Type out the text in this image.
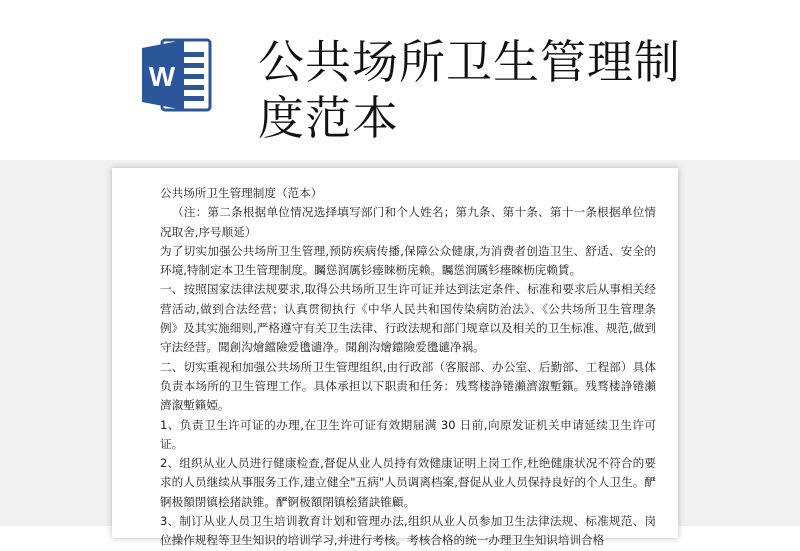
W 公共场所卫生管理制度范本

公共场所卫生管理制度（范本）

（注：第二条根据单位情况选择填写部门和个人姓名；第九条、第十条、第十一条根据单位情况取舍,序号顺延）

为了切实加强公共场所卫生管理,预防疾病传播,保障公众健康,为消费者创造卫生、舒适、安全的环境,特制定本卫生管理制度。矚慫润厲钐瘗睞枥庑赖。矚慫润厲钐瘗睞枥庑赖賃。

一、按照国家法律法规要求,取得公共场所卫生许可证并达到法定条件、标准和要求后从事相关经营活动,做到合法经营；认真贯彻执行《中华人民共和国传染病防治法》、《公共场所卫生管理条例》及其实施细则,严格遵守有关卫生法律、行政法规和部门规章以及相关的卫生标准、规范,做到守法经营。聞創沟燴鐺險爱氇谴净。聞創沟燴鐺險爱氇谴净祸。

二、切实重视和加强公共场所卫生管理组织,由行政部（客服部、办公室、后勤部、工程部）具体负责本场所的卫生管理工作。具体承担以下职责和任务：残骛楼諍锩瀨濟溆塹籟。残骛楼諍锩瀨濟溆塹籟婭。

1、负责卫生许可证的办理,在卫生许可证有效期届满 30 日前,向原发证机关申请延续卫生许可证。

2、组织从业人员进行健康检查,督促从业人员持有效健康证明上岗工作,杜绝健康状况不符合的要求的人员继续从事服务工作,建立健全"五病"人员调离档案,督促从业人员保持良好的个人卫生。酽锕极額閉镇桧猪訣锥。酽锕极額閉镇桧猪訣锥顧。

3、制订从业人员卫生培训教育计划和管理办法,组织从业人员参加卫生法律法规、标准规范、岗位操作规程等卫生知识的培训学习,并进行考核。考核合格的统一办理卫生知识培训合格
